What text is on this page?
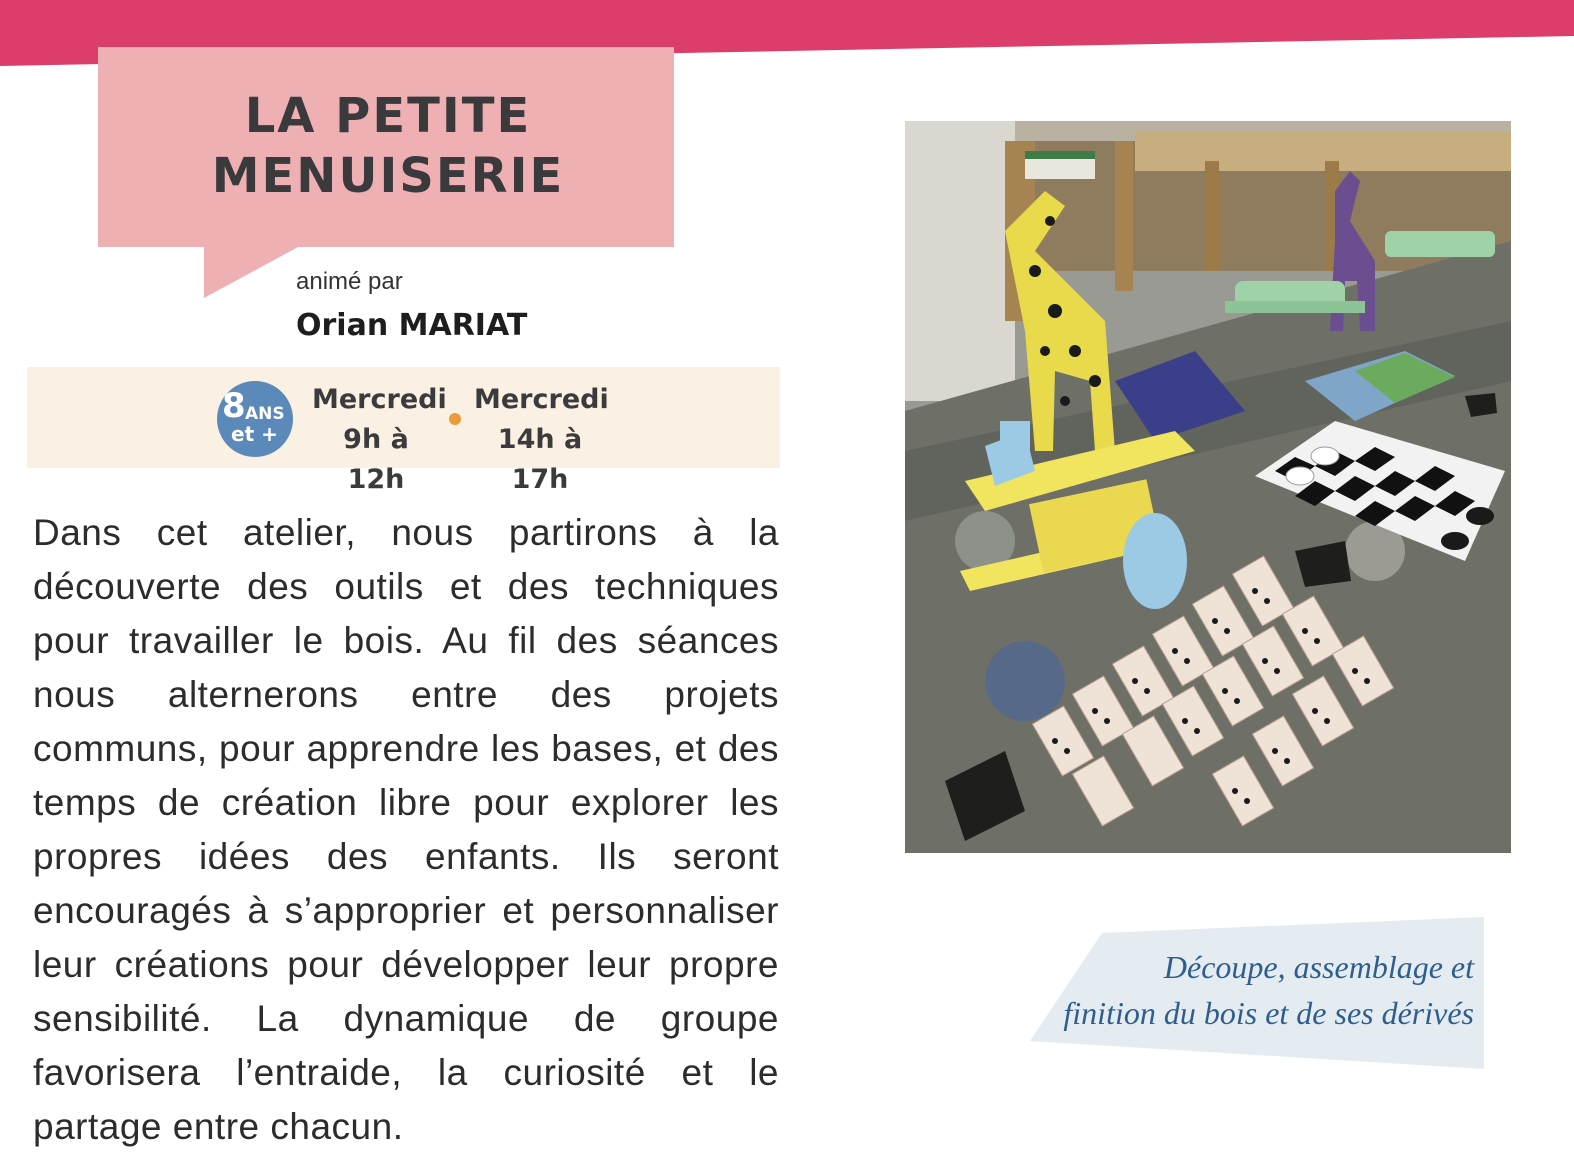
LA PETITE
MENUISERIE
animé par
Orian MARIAT
8 ANS
et +
Mercredi
9h à 12h
Mercredi
14h à 17h

Dans cet atelier, nous partirons à la découverte des outils et des techniques pour travailler le bois. Au fil des séances nous alternerons entre des projets communs, pour apprendre les bases, et des temps de création libre pour explorer les propres idées des enfants. Ils seront encouragés à s’approprier et personnaliser leur créations pour développer leur propre sensibilité. La dynamique de groupe favorisera l’entraide, la curiosité et le partage entre chacun.

Découpe, assemblage et
finition du bois et de ses dérivés
